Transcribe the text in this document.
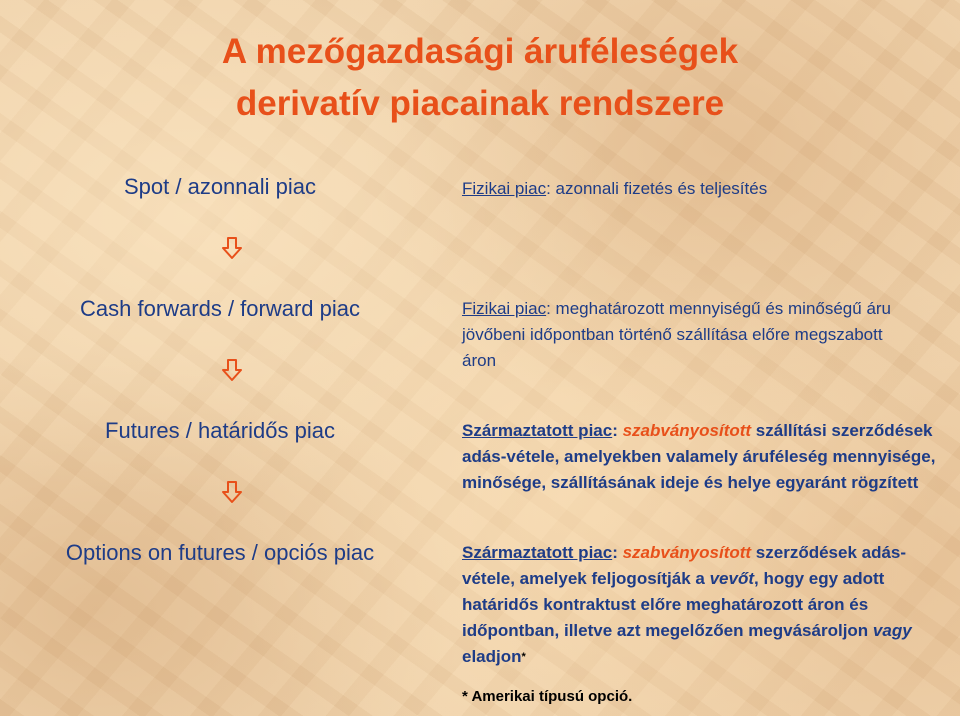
A mezőgazdasági áruféleségek
derivatív piacainak rendszere
Spot / azonnali piac
Cash forwards / forward piac
Futures / határidős piac
Options on futures / opciós piac
Fizikai piac: azonnali fizetés és teljesítés
Fizikai piac: meghatározott mennyiségű és minőségű áru jövőbeni időpontban történő szállítása előre megszabott áron
Származtatott piac: szabványosított szállítási szerződések adás-vétele, amelyekben valamely áruféleség mennyisége, minősége, szállításának ideje és helye egyaránt rögzített
Származtatott piac: szabványosított szerződések adás-vétele, amelyek feljogosítják a vevőt, hogy egy adott határidős kontraktust előre meghatározott áron és időpontban, illetve azt megelőzően megvásároljon vagy eladjon*
* Amerikai típusú opció.
